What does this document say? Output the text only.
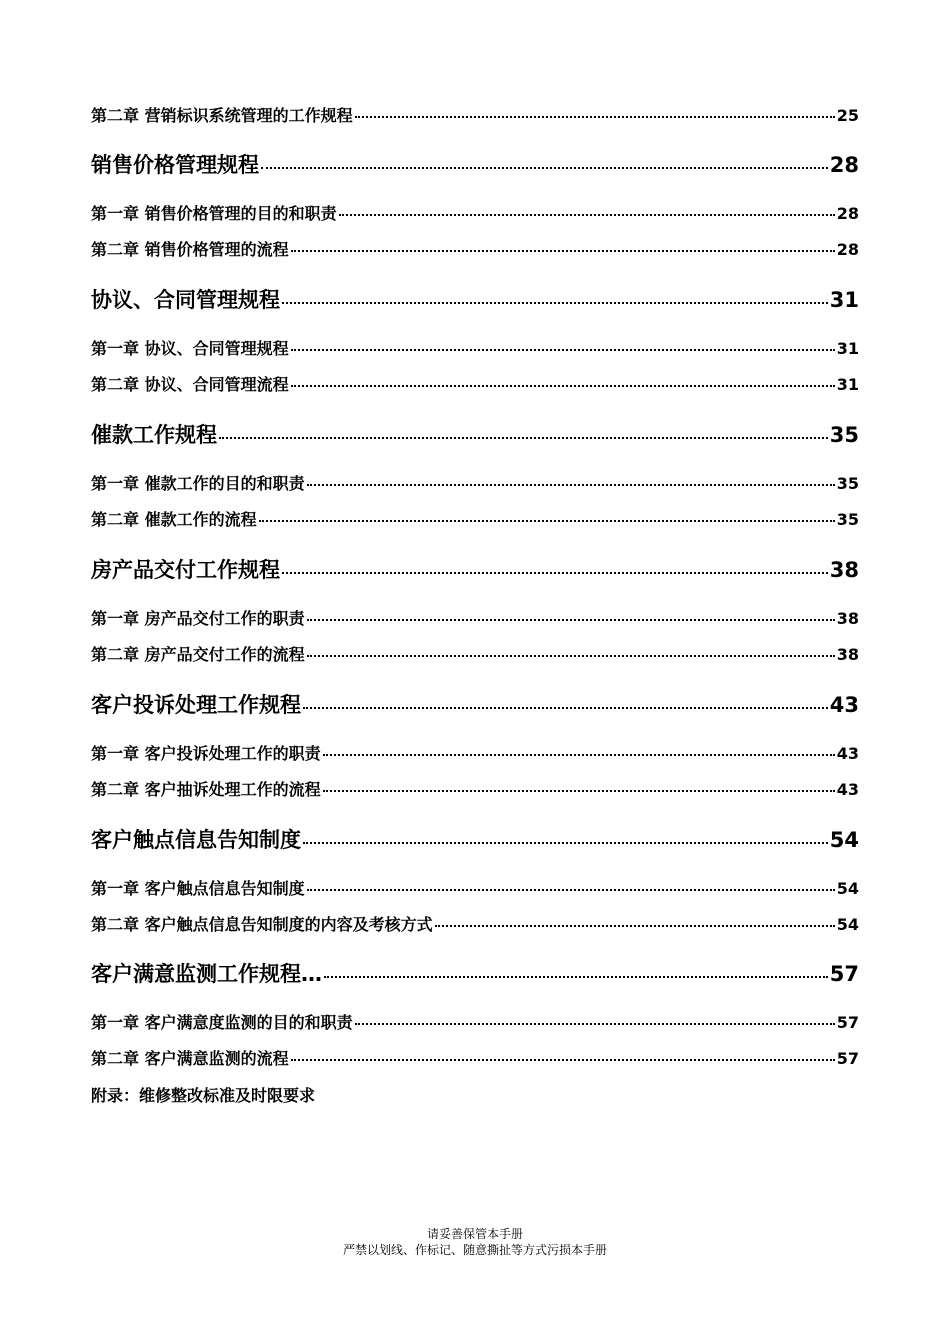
第二章 营销标识系统管理的工作规程	25
销售价格管理规程	28
第一章 销售价格管理的目的和职责	28
第二章 销售价格管理的流程	28
协议、合同管理规程	31
第一章 协议、合同管理规程	31
第二章 协议、合同管理流程	31
催款工作规程	35
第一章 催款工作的目的和职责	35
第二章 催款工作的流程	35
房产品交付工作规程	38
第一章 房产品交付工作的职责	38
第二章 房产品交付工作的流程	38
客户投诉处理工作规程	43
第一章 客户投诉处理工作的职责	43
第二章 客户抽诉处理工作的流程	43
客户触点信息告知制度	54
第一章 客户触点信息告知制度	54
第二章 客户触点信息告知制度的内容及考核方式	54
客户满意监测工作规程…	57
第一章 客户满意度监测的目的和职责	57
第二章 客户满意监测的流程	57
附录：维修整改标准及时限要求
请妥善保管本手册
严禁以划线、作标记、随意撕扯等方式污损本手册
